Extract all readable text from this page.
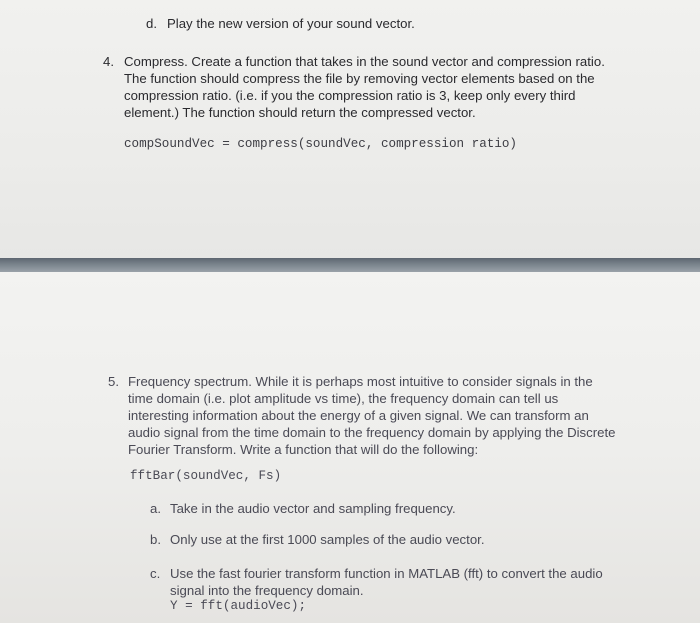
d. Play the new version of your sound vector.
4. Compress. Create a function that takes in the sound vector and compression ratio.
The function should compress the file by removing vector elements based on the
compression ratio. (i.e. if you the compression ratio is 3, keep only every third
element.) The function should return the compressed vector.
compSoundVec = compress(soundVec, compression ratio)
5. Frequency spectrum. While it is perhaps most intuitive to consider signals in the
time domain (i.e. plot amplitude vs time), the frequency domain can tell us
interesting information about the energy of a given signal. We can transform an
audio signal from the time domain to the frequency domain by applying the Discrete
Fourier Transform. Write a function that will do the following:
fftBar(soundVec, Fs)
a. Take in the audio vector and sampling frequency.
b. Only use at the first 1000 samples of the audio vector.
c. Use the fast fourier transform function in MATLAB (fft) to convert the audio
signal into the frequency domain.
Y = fft(audioVec);
